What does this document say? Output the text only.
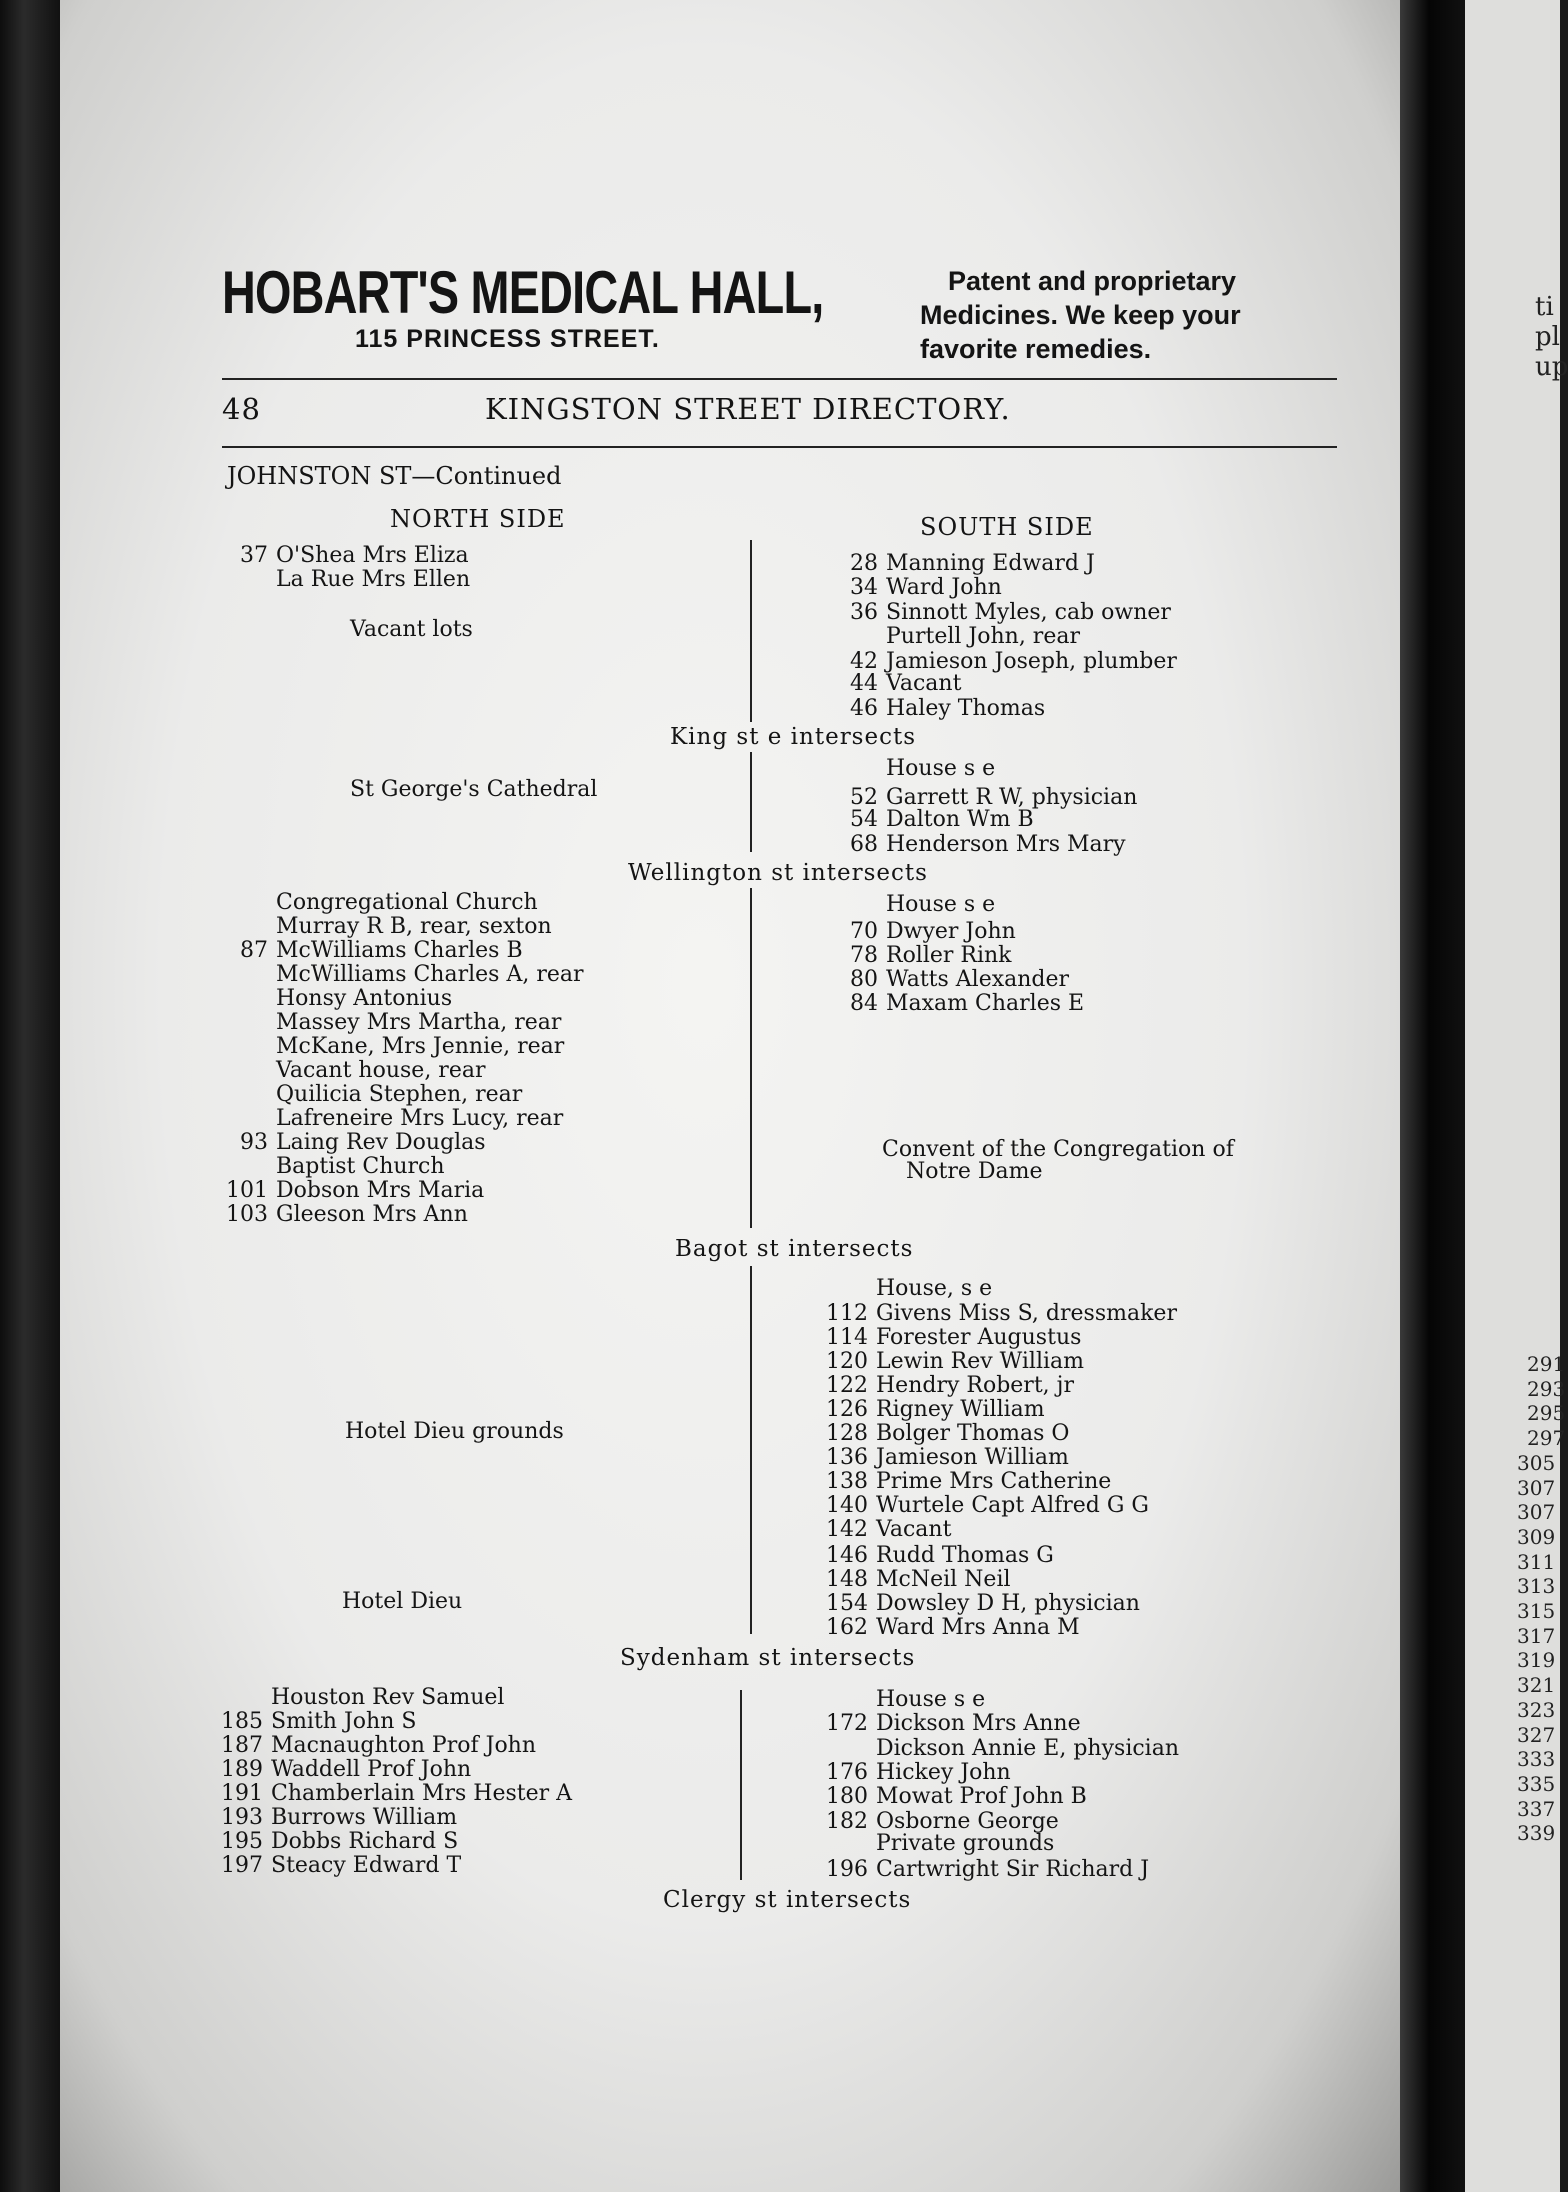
ti
pl
up
291
293
295
297
305
307
307
309
311
313
315
317
319
321
323
327
333
335
337
339
HOBART'S MEDICAL HALL,
115 PRINCESS STREET.
Patent and proprietary
Medicines. We keep your
favorite remedies.
48	KINGSTON STREET DIRECTORY.
JOHNSTON ST—Continued
NORTH SIDE	SOUTH SIDE
37 O'Shea Mrs Eliza
La Rue Mrs Ellen
Vacant lots
28 Manning Edward J
34 Ward John
36 Sinnott Myles, cab owner
Purtell John, rear
42 Jamieson Joseph, plumber
44 Vacant
46 Haley Thomas
King st e intersects
St George's Cathedral
House s e
52 Garrett R W, physician
54 Dalton Wm B
68 Henderson Mrs Mary
Wellington st intersects
Congregational Church
Murray R B, rear, sexton
87 McWilliams Charles B
McWilliams Charles A, rear
Honsy Antonius
Massey Mrs Martha, rear
McKane, Mrs Jennie, rear
Vacant house, rear
Quilicia Stephen, rear
Lafreneire Mrs Lucy, rear
93 Laing Rev Douglas
Baptist Church
101 Dobson Mrs Maria
103 Gleeson Mrs Ann
House s e
70 Dwyer John
78 Roller Rink
80 Watts Alexander
84 Maxam Charles E
Convent of the Congregation of
Notre Dame
Bagot st intersects
Hotel Dieu grounds
Hotel Dieu
House, s e
112 Givens Miss S, dressmaker
114 Forester Augustus
120 Lewin Rev William
122 Hendry Robert, jr
126 Rigney William
128 Bolger Thomas O
136 Jamieson William
138 Prime Mrs Catherine
140 Wurtele Capt Alfred G G
142 Vacant
146 Rudd Thomas G
148 McNeil Neil
154 Dowsley D H, physician
162 Ward Mrs Anna M
Sydenham st intersects
Houston Rev Samuel
185 Smith John S
187 Macnaughton Prof John
189 Waddell Prof John
191 Chamberlain Mrs Hester A
193 Burrows William
195 Dobbs Richard S
197 Steacy Edward T
House s e
172 Dickson Mrs Anne
Dickson Annie E, physician
176 Hickey John
180 Mowat Prof John B
182 Osborne George
Private grounds
196 Cartwright Sir Richard J
Clergy st intersects
